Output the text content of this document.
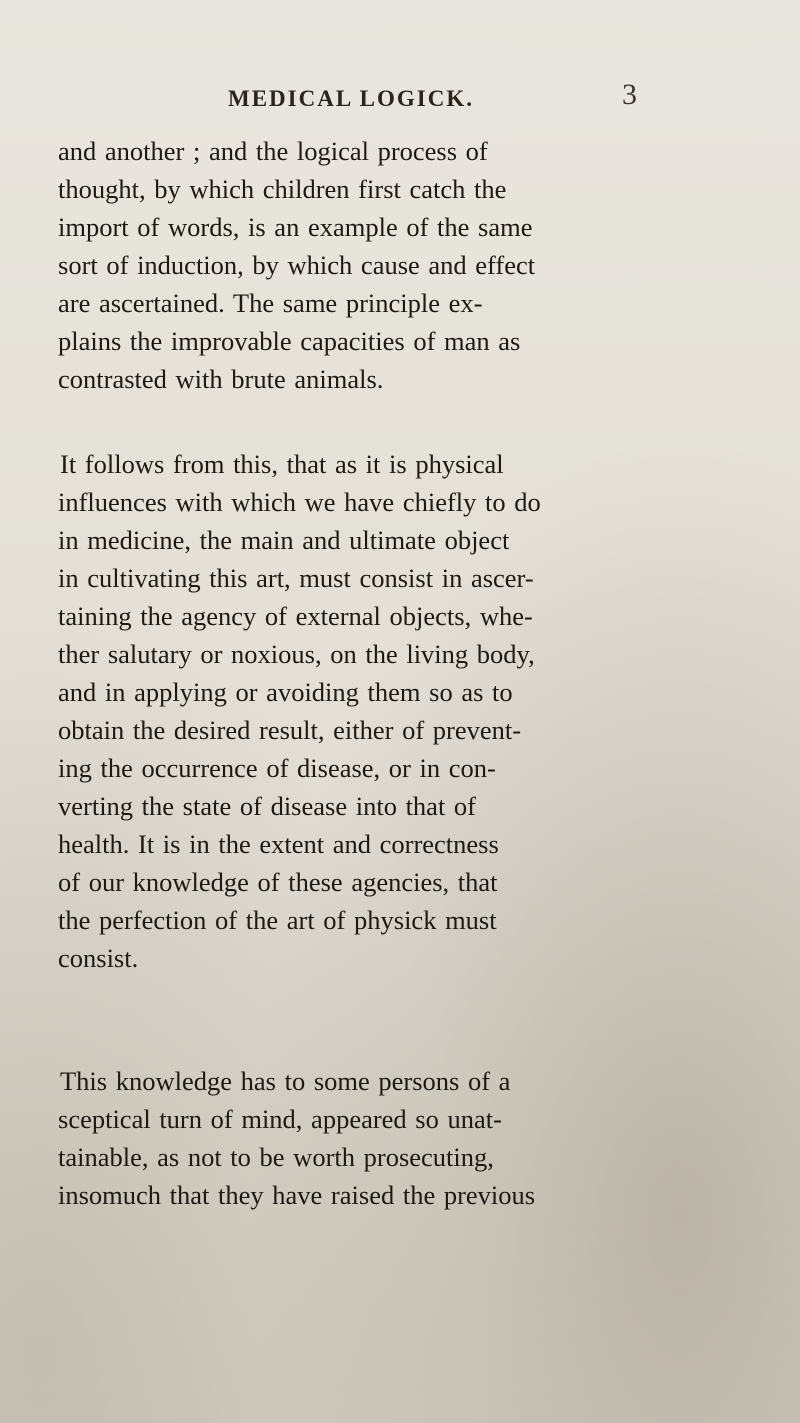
MEDICAL LOGICK.	3
and another ; and the logical process of
thought, by which children first catch the
import of words, is an example of the same
sort of induction, by which cause and effect
are ascertained. The same principle ex-
plains the improvable capacities of man as
contrasted with brute animals.
It follows from this, that as it is physical
influences with which we have chiefly to do
in medicine, the main and ultimate object
in cultivating this art, must consist in ascer-
taining the agency of external objects, whe-
ther salutary or noxious, on the living body,
and in applying or avoiding them so as to
obtain the desired result, either of prevent-
ing the occurrence of disease, or in con-
verting the state of disease into that of
health. It is in the extent and correctness
of our knowledge of these agencies, that
the perfection of the art of physick must
consist.
This knowledge has to some persons of a
sceptical turn of mind, appeared so unat-
tainable, as not to be worth prosecuting,
insomuch that they have raised the previous
